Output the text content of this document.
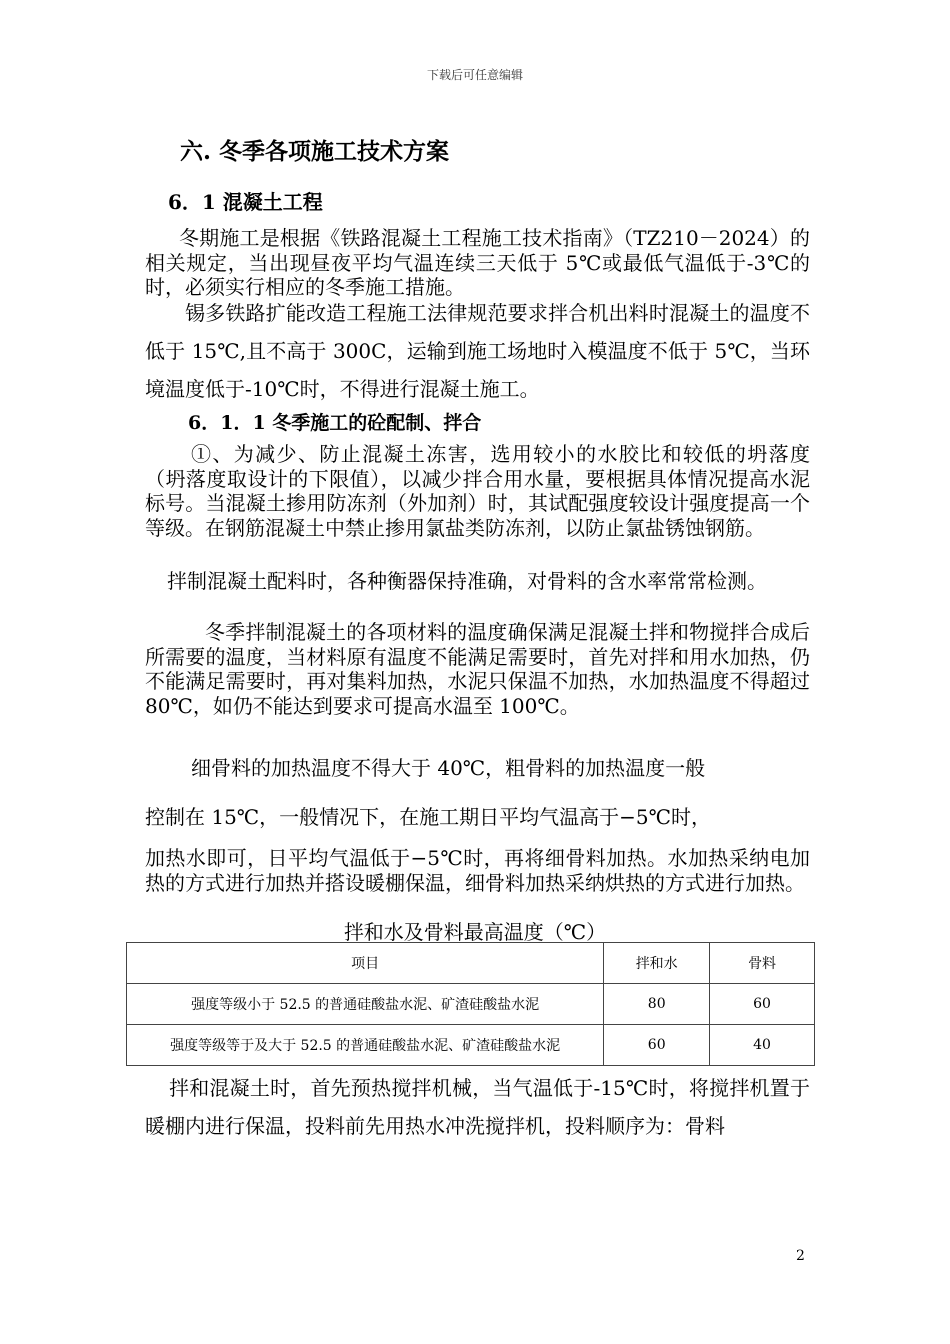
下载后可任意编辑
六. 冬季各项施工技术方案
6．1 混凝土工程
冬期施工是根据《铁路混凝土工程施工技术指南》（TZ210－2024）的相关规定，当出现昼夜平均气温连续三天低于 5℃或最低气温低于-3℃的时，必须实行相应的冬季施工措施。
锡多铁路扩能改造工程施工法律规范要求拌合机出料时混凝土的温度不低于 15℃,且不高于 300C，运输到施工场地时入模温度不低于 5℃，当环境温度低于-10℃时，不得进行混凝土施工。
6．1．1 冬季施工的砼配制、拌合
①、为减少、防止混凝土冻害，选用较小的水胶比和较低的坍落度（坍落度取设计的下限值），以减少拌合用水量，要根据具体情况提高水泥标号。当混凝土掺用防冻剂（外加剂）时，其试配强度较设计强度提高一个等级。在钢筋混凝土中禁止掺用氯盐类防冻剂，以防止氯盐锈蚀钢筋。
拌制混凝土配料时，各种衡器保持准确，对骨料的含水率常常检测。
冬季拌制混凝土的各项材料的温度确保满足混凝土拌和物搅拌合成后所需要的温度，当材料原有温度不能满足需要时，首先对拌和用水加热，仍不能满足需要时，再对集料加热，水泥只保温不加热，水加热温度不得超过 80℃，如仍不能达到要求可提高水温至 100℃。
细骨料的加热温度不得大于 40℃，粗骨料的加热温度一般
控制在 15℃，一般情况下，在施工期日平均气温高于−5℃时，
加热水即可，日平均气温低于−5℃时，再将细骨料加热。水加热采纳电加热的方式进行加热并搭设暖棚保温，细骨料加热采纳烘热的方式进行加热。
拌和水及骨料最高温度（℃）
项目	拌和水	骨料
强度等级小于 52.5 的普通硅酸盐水泥、矿渣硅酸盐水泥	80	60
强度等级等于及大于 52.5 的普通硅酸盐水泥、矿渣硅酸盐水泥	60	40
拌和混凝土时，首先预热搅拌机械，当气温低于-15℃时，将搅拌机置于暖棚内进行保温，投料前先用热水冲洗搅拌机，投料顺序为：骨料
2
